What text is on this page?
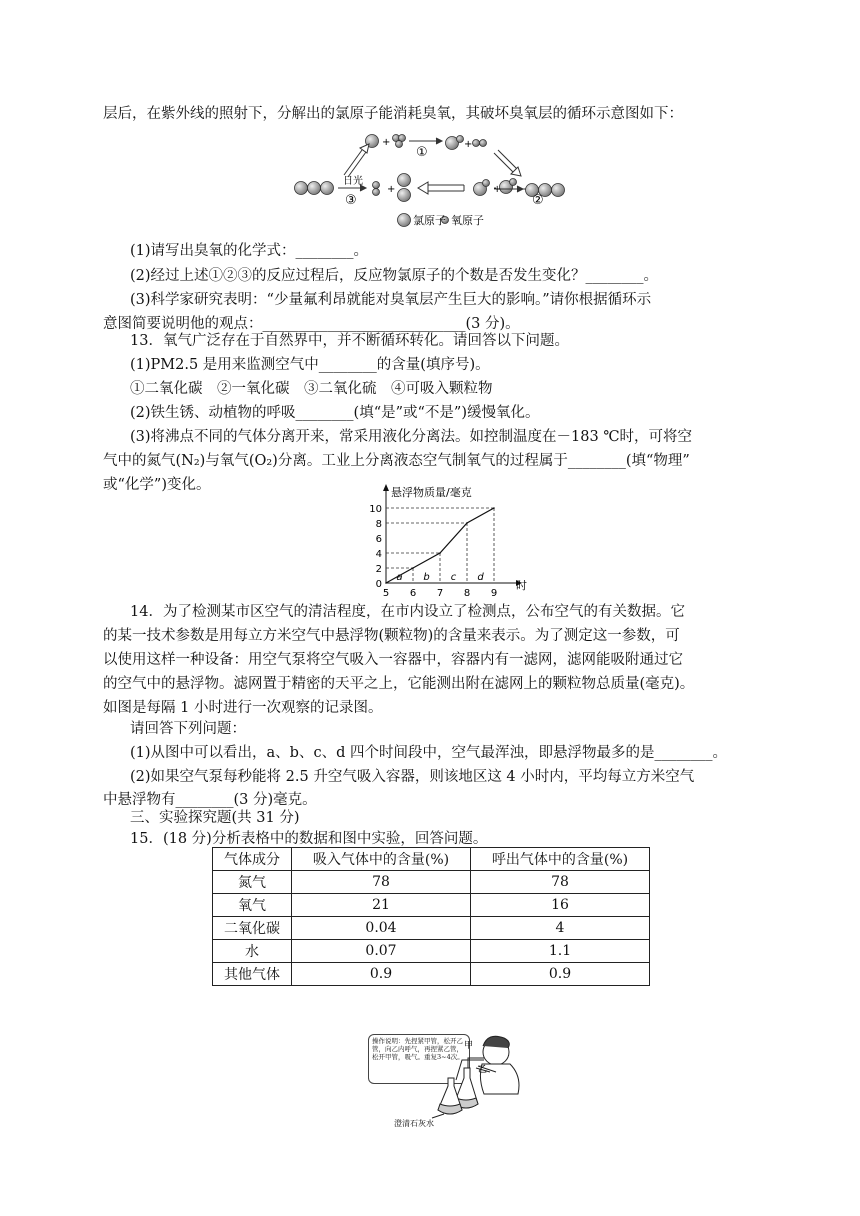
层后，在紫外线的照射下，分解出的氯原子能消耗臭氧，其破坏臭氧层的循环示意图如下：
+	+
+	+
①
②
日光
③
氯原子 氧原子
(1)请写出臭氧的化学式：________。
(2)经过上述①②③的反应过程后，反应物氯原子的个数是否发生变化？________。
(3)科学家研究表明：“少量氟利昂就能对臭氧层产生巨大的影响。”请你根据循环示
意图简要说明他的观点：____________________________(3 分)。
13．氧气广泛存在于自然界中，并不断循环转化。请回答以下问题。
(1)PM2.5 是用来监测空气中________的含量(填序号)。
①二氧化碳　②一氧化碳　③二氧化硫　④可吸入颗粒物
(2)铁生锈、动植物的呼吸________(填“是”或“不是”)缓慢氧化。
(3)将沸点不同的气体分离开来，常采用液化分离法。如控制温度在－183 ℃时，可将空
气中的氮气(N₂)与氧气(O₂)分离。工业上分离液态空气制氧气的过程属于________(填“物理”
或“化学”)变化。	悬浮物质量/毫克
时
0
2
4
6
8
10
5 6 7 8 9
a b c d
14．为了检测某市区空气的清洁程度，在市内设立了检测点，公布空气的有关数据。它
的某一技术参数是用每立方米空气中悬浮物(颗粒物)的含量来表示。为了测定这一参数，可
以使用这样一种设备：用空气泵将空气吸入一容器中，容器内有一滤网，滤网能吸附通过它
的空气中的悬浮物。滤网置于精密的天平之上，它能测出附在滤网上的颗粒物总质量(毫克)。
如图是每隔 1 小时进行一次观察的记录图。
请回答下列问题：
(1)从图中可以看出，a、b、c、d 四个时间段中，空气最浑浊，即悬浮物最多的是________。
(2)如果空气泵每秒能将 2.5 升空气吸入容器，则该地区这 4 小时内，平均每立方米空气
中悬浮物有________(3 分)毫克。
三、实验探究题(共 31 分)
15．(18 分)分析表格中的数据和图中实验，回答问题。
气体成分	吸入气体中的含量(%)	呼出气体中的含量(%)
氮气	78	78
氧气	21	16
二氧化碳	0.04	4
水	0.07	1.1
其他气体	0.9	0.9
操作说明：先捏紧甲管，松开乙管，向乙内呼气，再捏紧乙管，松开甲管，吸气。重复3~4次。
甲
乙
澄清石灰水
